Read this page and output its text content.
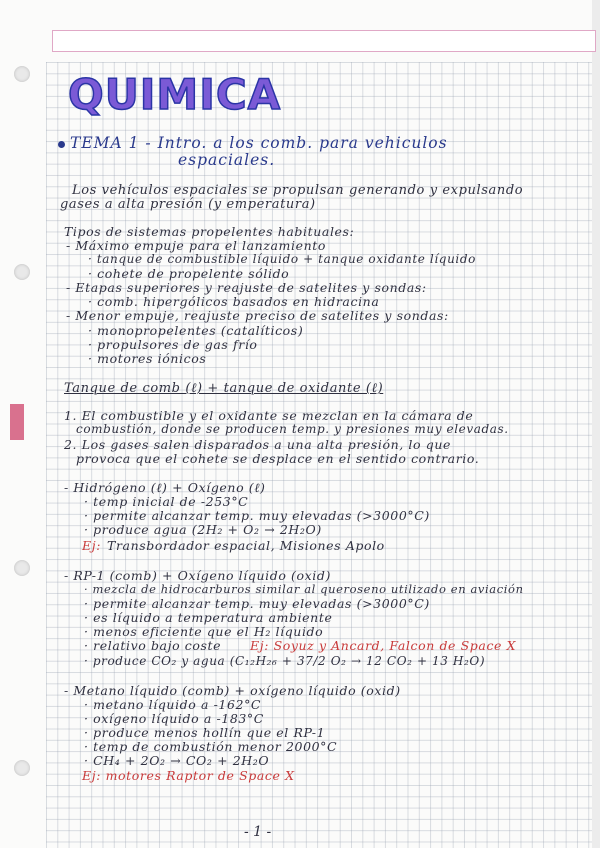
QUIMICA
TEMA 1 - Intro. a los comb. para vehiculos
espaciales.
Los vehículos espaciales se propulsan generando y expulsando
gases a alta presión (y emperatura)
Tipos de sistemas propelentes habituales:
- Máximo empuje para el lanzamiento
· tanque de combustible líquido + tanque oxidante líquido
· cohete de propelente sólido
- Etapas superiores y reajuste de satelites y sondas:
· comb. hipergólicos basados en hidracina
- Menor empuje, reajuste preciso de satelites y sondas:
· monopropelentes (catalíticos)
· propulsores de gas frío
· motores iónicos
Tanque de comb (ℓ) + tanque de oxidante (ℓ)
1. El combustible y el oxidante se mezclan en la cámara de
combustión, donde se producen temp. y presiones muy elevadas.
2. Los gases salen disparados a una alta presión, lo que
provoca que el cohete se desplace en el sentido contrario.
- Hidrógeno (ℓ) + Oxígeno (ℓ)
· temp inicial de -253°C
· permite alcanzar temp. muy elevadas (>3000°C)
· produce agua (2H₂ + O₂ → 2H₂O)
Ej: Transbordador espacial, Misiones Apolo
- RP-1 (comb) + Oxígeno líquido (oxid)
· mezcla de hidrocarburos similar al queroseno utilizado en aviación
· permite alcanzar temp. muy elevadas (>3000°C)
· es líquido a temperatura ambiente
· menos eficiente que el H₂ líquido
· relativo bajo coste Ej: Soyuz y Ancard, Falcon de Space X
· produce CO₂ y agua (C₁₂H₂₆ + 37/2 O₂ → 12 CO₂ + 13 H₂O)
- Metano líquido (comb) + oxígeno líquido (oxid)
· metano líquido a -162°C
· oxígeno líquido a -183°C
· produce menos hollín que el RP-1
· temp de combustión menor 2000°C
· CH₄ + 2O₂ → CO₂ + 2H₂O
Ej: motores Raptor de Space X
- 1 -
